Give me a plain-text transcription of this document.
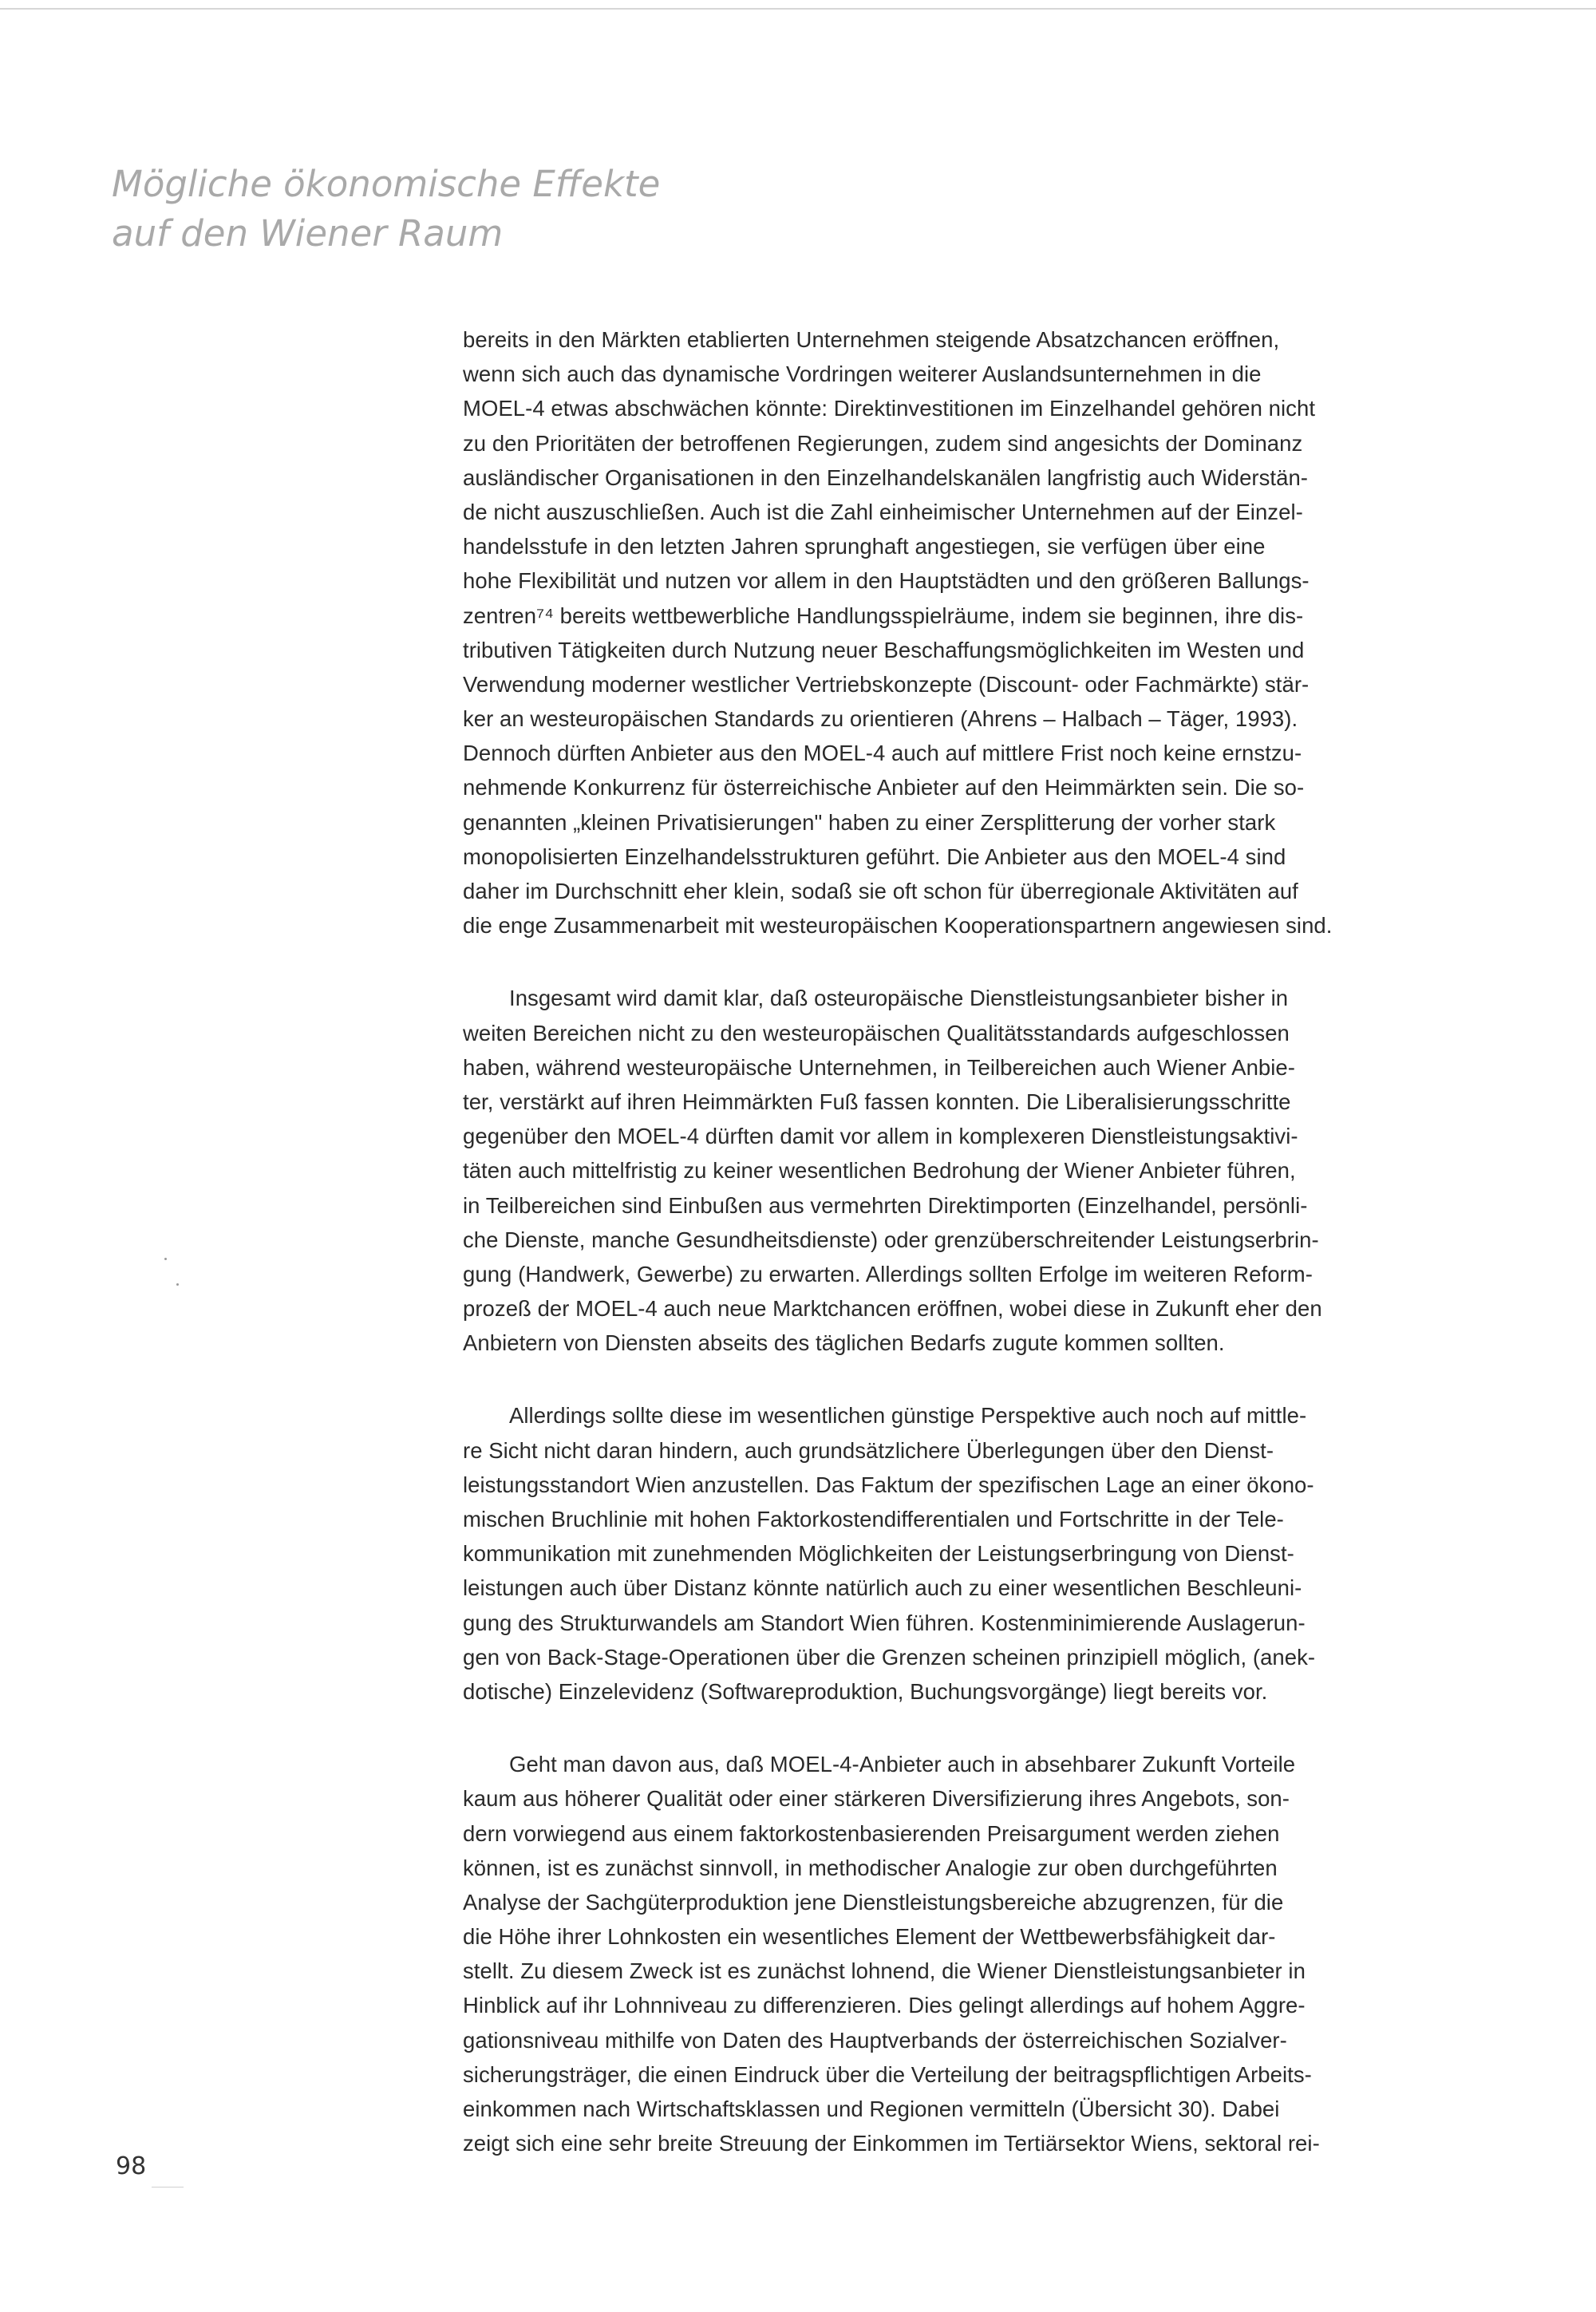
Mögliche ökonomische Effekte
auf den Wiener Raum
bereits in den Märkten etablierten Unternehmen steigende Absatzchancen eröffnen,
wenn sich auch das dynamische Vordringen weiterer Auslandsunternehmen in die
MOEL-4 etwas abschwächen könnte: Direktinvestitionen im Einzelhandel gehören nicht
zu den Prioritäten der betroffenen Regierungen, zudem sind angesichts der Dominanz
ausländischer Organisationen in den Einzelhandelskanälen langfristig auch Widerstän-
de nicht auszuschließen. Auch ist die Zahl einheimischer Unternehmen auf der Einzel-
handelsstufe in den letzten Jahren sprunghaft angestiegen, sie verfügen über eine
hohe Flexibilität und nutzen vor allem in den Hauptstädten und den größeren Ballungs-
zentren⁷⁴ bereits wettbewerbliche Handlungsspielräume, indem sie beginnen, ihre dis-
tributiven Tätigkeiten durch Nutzung neuer Beschaffungsmöglichkeiten im Westen und
Verwendung moderner westlicher Vertriebskonzepte (Discount- oder Fachmärkte) stär-
ker an westeuropäischen Standards zu orientieren (Ahrens – Halbach – Täger, 1993).
Dennoch dürften Anbieter aus den MOEL-4 auch auf mittlere Frist noch keine ernstzu-
nehmende Konkurrenz für österreichische Anbieter auf den Heimmärkten sein. Die so-
genannten „kleinen Privatisierungen" haben zu einer Zersplitterung der vorher stark
monopolisierten Einzelhandelsstrukturen geführt. Die Anbieter aus den MOEL-4 sind
daher im Durchschnitt eher klein, sodaß sie oft schon für überregionale Aktivitäten auf
die enge Zusammenarbeit mit westeuropäischen Kooperationspartnern angewiesen sind.
Insgesamt wird damit klar, daß osteuropäische Dienstleistungsanbieter bisher in
weiten Bereichen nicht zu den westeuropäischen Qualitätsstandards aufgeschlossen
haben, während westeuropäische Unternehmen, in Teilbereichen auch Wiener Anbie-
ter, verstärkt auf ihren Heimmärkten Fuß fassen konnten. Die Liberalisierungsschritte
gegenüber den MOEL-4 dürften damit vor allem in komplexeren Dienstleistungsaktivi-
täten auch mittelfristig zu keiner wesentlichen Bedrohung der Wiener Anbieter führen,
in Teilbereichen sind Einbußen aus vermehrten Direktimporten (Einzelhandel, persönli-
che Dienste, manche Gesundheitsdienste) oder grenzüberschreitender Leistungserbrin-
gung (Handwerk, Gewerbe) zu erwarten. Allerdings sollten Erfolge im weiteren Reform-
prozeß der MOEL-4 auch neue Marktchancen eröffnen, wobei diese in Zukunft eher den
Anbietern von Diensten abseits des täglichen Bedarfs zugute kommen sollten.
Allerdings sollte diese im wesentlichen günstige Perspektive auch noch auf mittle-
re Sicht nicht daran hindern, auch grundsätzlichere Überlegungen über den Dienst-
leistungsstandort Wien anzustellen. Das Faktum der spezifischen Lage an einer ökono-
mischen Bruchlinie mit hohen Faktorkostendifferentialen und Fortschritte in der Tele-
kommunikation mit zunehmenden Möglichkeiten der Leistungserbringung von Dienst-
leistungen auch über Distanz könnte natürlich auch zu einer wesentlichen Beschleuni-
gung des Strukturwandels am Standort Wien führen. Kostenminimierende Auslagerun-
gen von Back-Stage-Operationen über die Grenzen scheinen prinzipiell möglich, (anek-
dotische) Einzelevidenz (Softwareproduktion, Buchungsvorgänge) liegt bereits vor.
Geht man davon aus, daß MOEL-4-Anbieter auch in absehbarer Zukunft Vorteile
kaum aus höherer Qualität oder einer stärkeren Diversifizierung ihres Angebots, son-
dern vorwiegend aus einem faktorkostenbasierenden Preisargument werden ziehen
können, ist es zunächst sinnvoll, in methodischer Analogie zur oben durchgeführten
Analyse der Sachgüterproduktion jene Dienstleistungsbereiche abzugrenzen, für die
die Höhe ihrer Lohnkosten ein wesentliches Element der Wettbewerbsfähigkeit dar-
stellt. Zu diesem Zweck ist es zunächst lohnend, die Wiener Dienstleistungsanbieter in
Hinblick auf ihr Lohnniveau zu differenzieren. Dies gelingt allerdings auf hohem Aggre-
gationsniveau mithilfe von Daten des Hauptverbands der österreichischen Sozialver-
sicherungsträger, die einen Eindruck über die Verteilung der beitragspflichtigen Arbeits-
einkommen nach Wirtschaftsklassen und Regionen vermitteln (Übersicht 30). Dabei
zeigt sich eine sehr breite Streuung der Einkommen im Tertiärsektor Wiens, sektoral rei-
98
